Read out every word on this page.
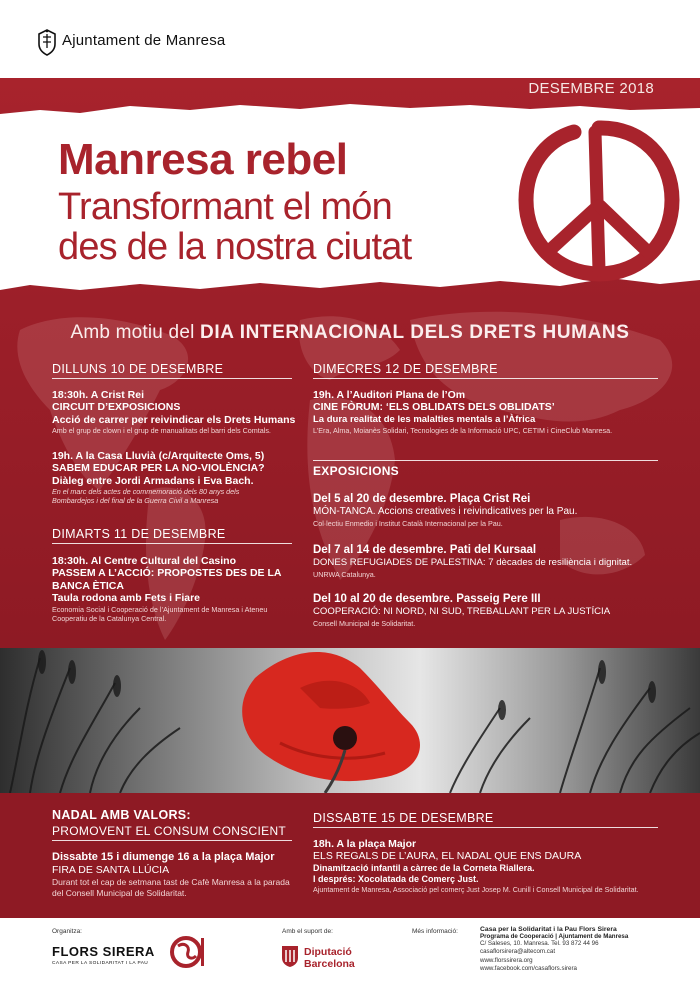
Ajuntament de Manresa
DESEMBRE 2018
Manresa rebel
Transformant el món
des de la nostra ciutat
Amb motiu del DIA INTERNACIONAL DELS DRETS HUMANS
DILLUNS 10 DE DESEMBRE
18:30h. A Crist Rei
CIRCUIT D’EXPOSICIONS
Acció de carrer per reivindicar els Drets Humans
Amb el grup de clown i el grup de manualitats del barri dels Comtals.
19h. A la Casa Lluvià (c/Arquitecte Oms, 5)
SABEM EDUCAR PER LA NO-VIOLÈNCIA?
Diàleg entre Jordi Armadans i Eva Bach.
En el marc dels actes de commemoració dels 80 anys dels
Bombardejos i del final de la Guerra Civil a Manresa
DIMARTS 11 DE DESEMBRE
18:30h. Al Centre Cultural del Casino
PASSEM A L’ACCIÓ: PROPOSTES DES DE LA
BANCA ÈTICA
Taula rodona amb Fets i Fiare
Economia Social i Cooperació de l’Ajuntament de Manresa i Ateneu
Cooperatiu de la Catalunya Central.
DIMECRES 12 DE DESEMBRE
19h. A l’Auditori Plana de l’Om
CINE FÒRUM: ‘ELS OBLIDATS DELS OBLIDATS’
La dura realitat de les malalties mentals a l’Àfrica
L’Era, Alma, Moianès Solidari, Tecnologies de la Informació UPC, CETIM i CineClub Manresa.
EXPOSICIONS
Del 5 al 20 de desembre. Plaça Crist Rei
MÓN-TANCA. Accions creatives i reivindicatives per la Pau.
Col·lectiu Enmedio i Institut Català Internacional per la Pau.
Del 7 al 14 de desembre. Pati del Kursaal
DONES REFUGIADES DE PALESTINA: 7 dècades de resiliència i dignitat.
UNRWA Catalunya.
Del 10 al 20 de desembre. Passeig Pere III
COOPERACIÓ: NI NORD, NI SUD, TREBALLANT PER LA JUSTÍCIA
Consell Municipal de Solidaritat.
NADAL AMB VALORS:
PROMOVENT EL CONSUM CONSCIENT
Dissabte 15 i diumenge 16 a la plaça Major
FIRA DE SANTA LLÚCIA
Durant tot el cap de setmana tast de Cafè Manresa a la parada
del Consell Municipal de Solidaritat.
DISSABTE 15 DE DESEMBRE
18h. A la plaça Major
ELS REGALS DE L’AURA, EL NADAL QUE ENS DAURA
Dinamització infantil a càrrec de la Corneta Riallera.
I després: Xocolatada de Comerç Just.
Ajuntament de Manresa, Associació pel comerç Just Josep M. Cunill i Consell Municipal de Solidaritat.
Organitza:
FLORS SIRERA
CASA PER LA SOLIDARITAT I LA PAU
Amb el suport de:
Diputació
Barcelona
Més informació:	Casa per la Solidaritat i la Pau Flors Sirera
Programa de Cooperació | Ajuntament de Manresa
C/ Saleses, 10. Manresa. Tel. 93 872 44 96
casaflorsirera@altecom.cat
www.florssirera.org
www.facebook.com/casaflors.sirera
